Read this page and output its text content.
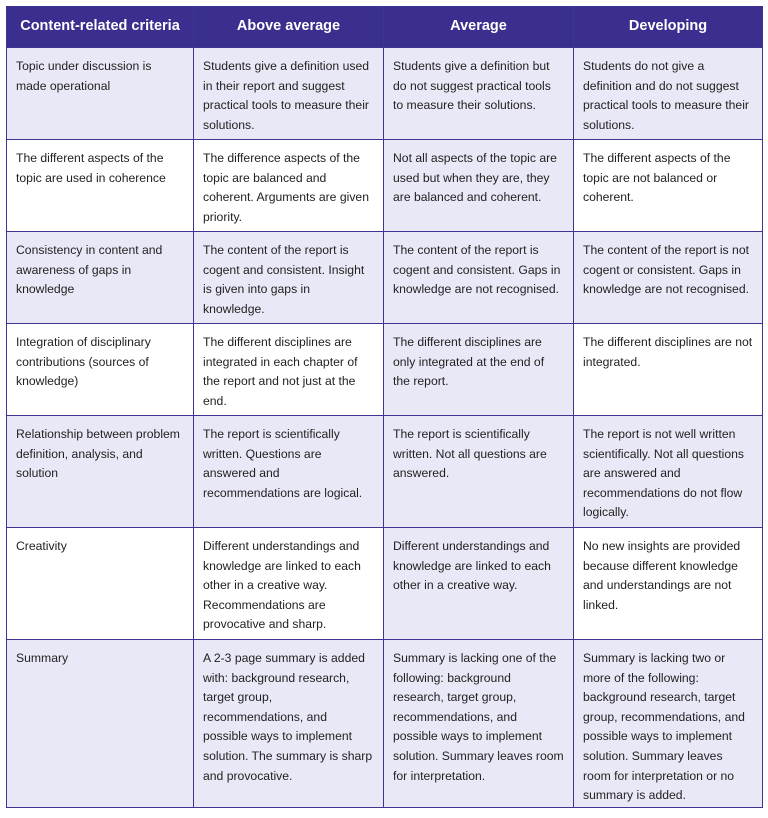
Content-related criteria	Above average	Average	Developing
Topic under discussion is made operational	Students give a definition used in their report and suggest practical tools to measure their solutions.	Students give a definition but do not suggest practical tools to measure their solutions.	Students do not give a definition and do not suggest practical tools to measure their solutions.
The different aspects of the topic are used in coherence	The difference aspects of the topic are balanced and coherent. Arguments are given priority.	Not all aspects of the topic are used but when they are, they are balanced and coherent.	The different aspects of the topic are not balanced or coherent.
Consistency in content and awareness of gaps in knowledge	The content of the report is cogent and consistent. Insight is given into gaps in knowledge.	The content of the report is cogent and consistent. Gaps in knowledge are not recognised.	The content of the report is not cogent or consistent. Gaps in knowledge are not recognised.
Integration of disciplinary contributions (sources of knowledge)	The different disciplines are integrated in each chapter of the report and not just at the end.	The different disciplines are only integrated at the end of the report.	The different disciplines are not integrated.
Relationship between problem definition, analysis, and solution	The report is scientifically written. Questions are answered and recommendations are logical.	The report is scientifically written. Not all questions are answered.	The report is not well written scientifically. Not all questions are answered and recommendations do not flow logically.
Creativity	Different understandings and knowledge are linked to each other in a creative way. Recommendations are provocative and sharp.	Different understandings and knowledge are linked to each other in a creative way.	No new insights are provided because different knowledge and understandings are not linked.
Summary	A 2-3 page summary is added with: background research, target group, recommendations, and possible ways to implement solution. The summary is sharp and provocative.	Summary is lacking one of the following: background research, target group, recommendations, and possible ways to implement solution. Summary leaves room for interpretation.	Summary is lacking two or more of the following: background research, target group, recommendations, and possible ways to implement solution. Summary leaves room for interpretation or no summary is added.
